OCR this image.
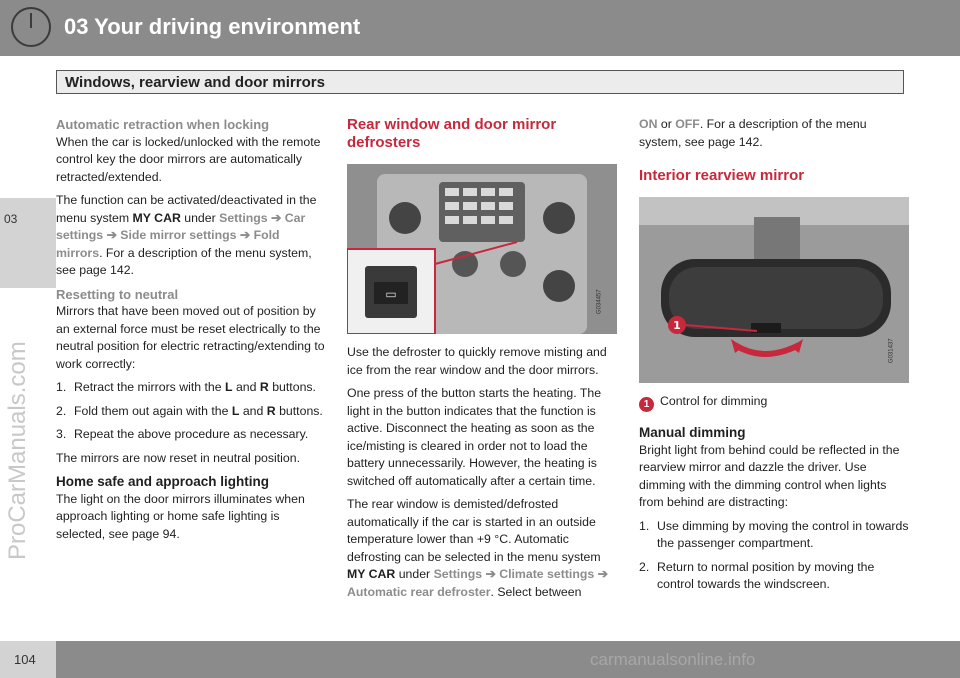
03 Your driving environment
03
ProCarManuals.com
Windows, rearview and door mirrors
Automatic retraction when locking

When the car is locked/unlocked with the remote control key the door mirrors are automatically retracted/extended.

The function can be activated/deactivated in the menu system MY CAR under Settings ➔ Car settings ➔ Side mirror settings ➔ Fold mirrors. For a description of the menu system, see page 142.

Resetting to neutral

Mirrors that have been moved out of position by an external force must be reset electrically to the neutral position for electric retracting/extending to work correctly:

1. Retract the mirrors with the L and R buttons.
2. Fold them out again with the L and R buttons.
3. Repeat the above procedure as necessary.

The mirrors are now reset in neutral position.

Home safe and approach lighting

The light on the door mirrors illuminates when approach lighting or home safe lighting is selected, see page 94.

Rear window and door mirror defrosters
▭	G034457

Use the defroster to quickly remove misting and ice from the rear window and the door mirrors.

One press of the button starts the heating. The light in the button indicates that the function is active. Disconnect the heating as soon as the ice/misting is cleared in order not to load the battery unnecessarily. However, the heating is switched off automatically after a certain time.

The rear window is demisted/defrosted automatically if the car is started in an outside temperature lower than +9 °C. Automatic defrosting can be selected in the menu system MY CAR under Settings ➔ Climate settings ➔ Automatic rear defroster. Select between

ON or OFF. For a description of the menu system, see page 142.

Interior rearview mirror
1
G031437

1 Control for dimming

Manual dimming

Bright light from behind could be reflected in the rearview mirror and dazzle the driver. Use dimming with the dimming control when lights from behind are distracting:

1. Use dimming by moving the control in towards the passenger compartment.
2. Return to normal position by moving the control towards the windscreen.
104	carmanualsonline.info
